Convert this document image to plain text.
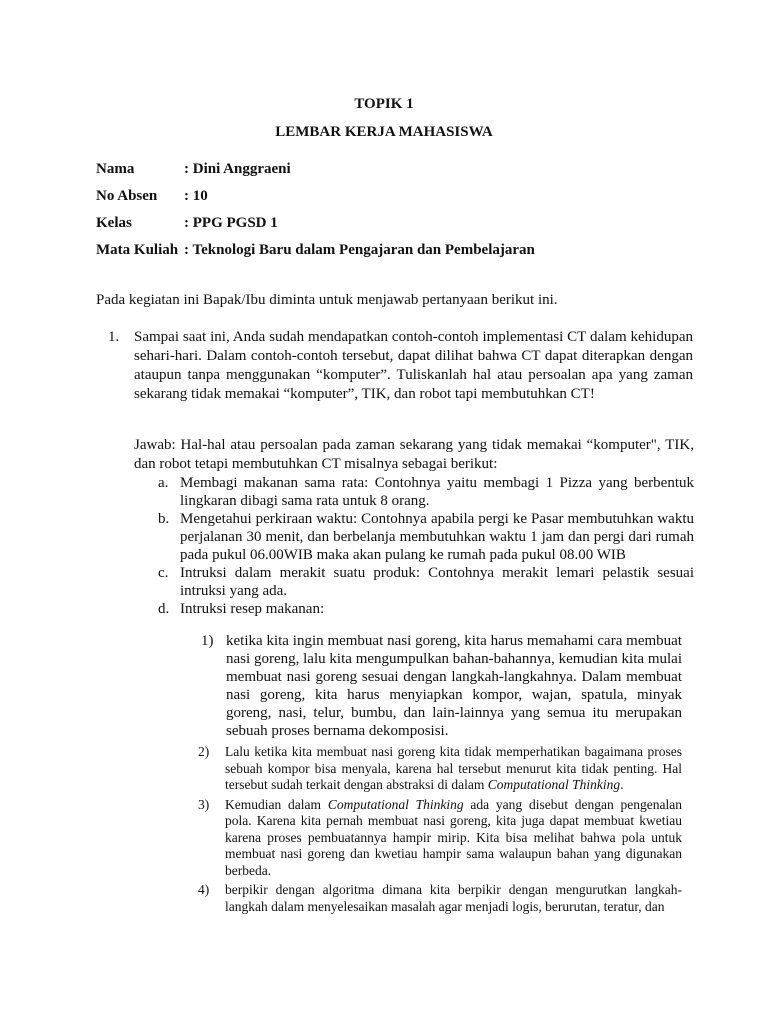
TOPIK 1
LEMBAR KERJA MAHASISWA
Nama	: Dini Anggraeni
No Absen : 10
Kelas	: PPG PGSD 1
Mata Kuliah : Teknologi Baru dalam Pengajaran dan Pembelajaran
Pada kegiatan ini Bapak/Ibu diminta untuk menjawab pertanyaan berikut ini.
1. Sampai saat ini, Anda sudah mendapatkan contoh-contoh implementasi CT dalam kehidupan sehari-hari. Dalam contoh-contoh tersebut, dapat dilihat bahwa CT dapat diterapkan dengan ataupun tanpa menggunakan “komputer”. Tuliskanlah hal atau persoalan apa yang zaman sekarang tidak memakai “komputer”, TIK, dan robot tapi membutuhkan CT!
Jawab: Hal-hal atau persoalan pada zaman sekarang yang tidak memakai “komputer", TIK, dan robot tetapi membutuhkan CT misalnya sebagai berikut:
a. Membagi makanan sama rata: Contohnya yaitu membagi 1 Pizza yang berbentuk lingkaran dibagi sama rata untuk 8 orang.
b. Mengetahui perkiraan waktu: Contohnya apabila pergi ke Pasar membutuhkan waktu perjalanan 30 menit, dan berbelanja membutuhkan waktu 1 jam dan pergi dari rumah pada pukul 06.00WIB maka akan pulang ke rumah pada pukul 08.00 WIB
c. Intruksi dalam merakit suatu produk: Contohnya merakit lemari pelastik sesuai intruksi yang ada.
d. Intruksi resep makanan:
1) ketika kita ingin membuat nasi goreng, kita harus memahami cara membuat nasi goreng, lalu kita mengumpulkan bahan-bahannya, kemudian kita mulai membuat nasi goreng sesuai dengan langkah-langkahnya. Dalam membuat nasi goreng, kita harus menyiapkan kompor, wajan, spatula, minyak goreng, nasi, telur, bumbu, dan lain-lainnya yang semua itu merupakan sebuah proses bernama dekomposisi.
2) Lalu ketika kita membuat nasi goreng kita tidak memperhatikan bagaimana proses sebuah kompor bisa menyala, karena hal tersebut menurut kita tidak penting. Hal tersebut sudah terkait dengan abstraksi di dalam Computational Thinking.
3) Kemudian dalam Computational Thinking ada yang disebut dengan pengenalan pola. Karena kita pernah membuat nasi goreng, kita juga dapat membuat kwetiau karena proses pembuatannya hampir mirip. Kita bisa melihat bahwa pola untuk membuat nasi goreng dan kwetiau hampir sama walaupun bahan yang digunakan berbeda.
4) berpikir dengan algoritma dimana kita berpikir dengan mengurutkan langkah-langkah dalam menyelesaikan masalah agar menjadi logis, berurutan, teratur, dan
